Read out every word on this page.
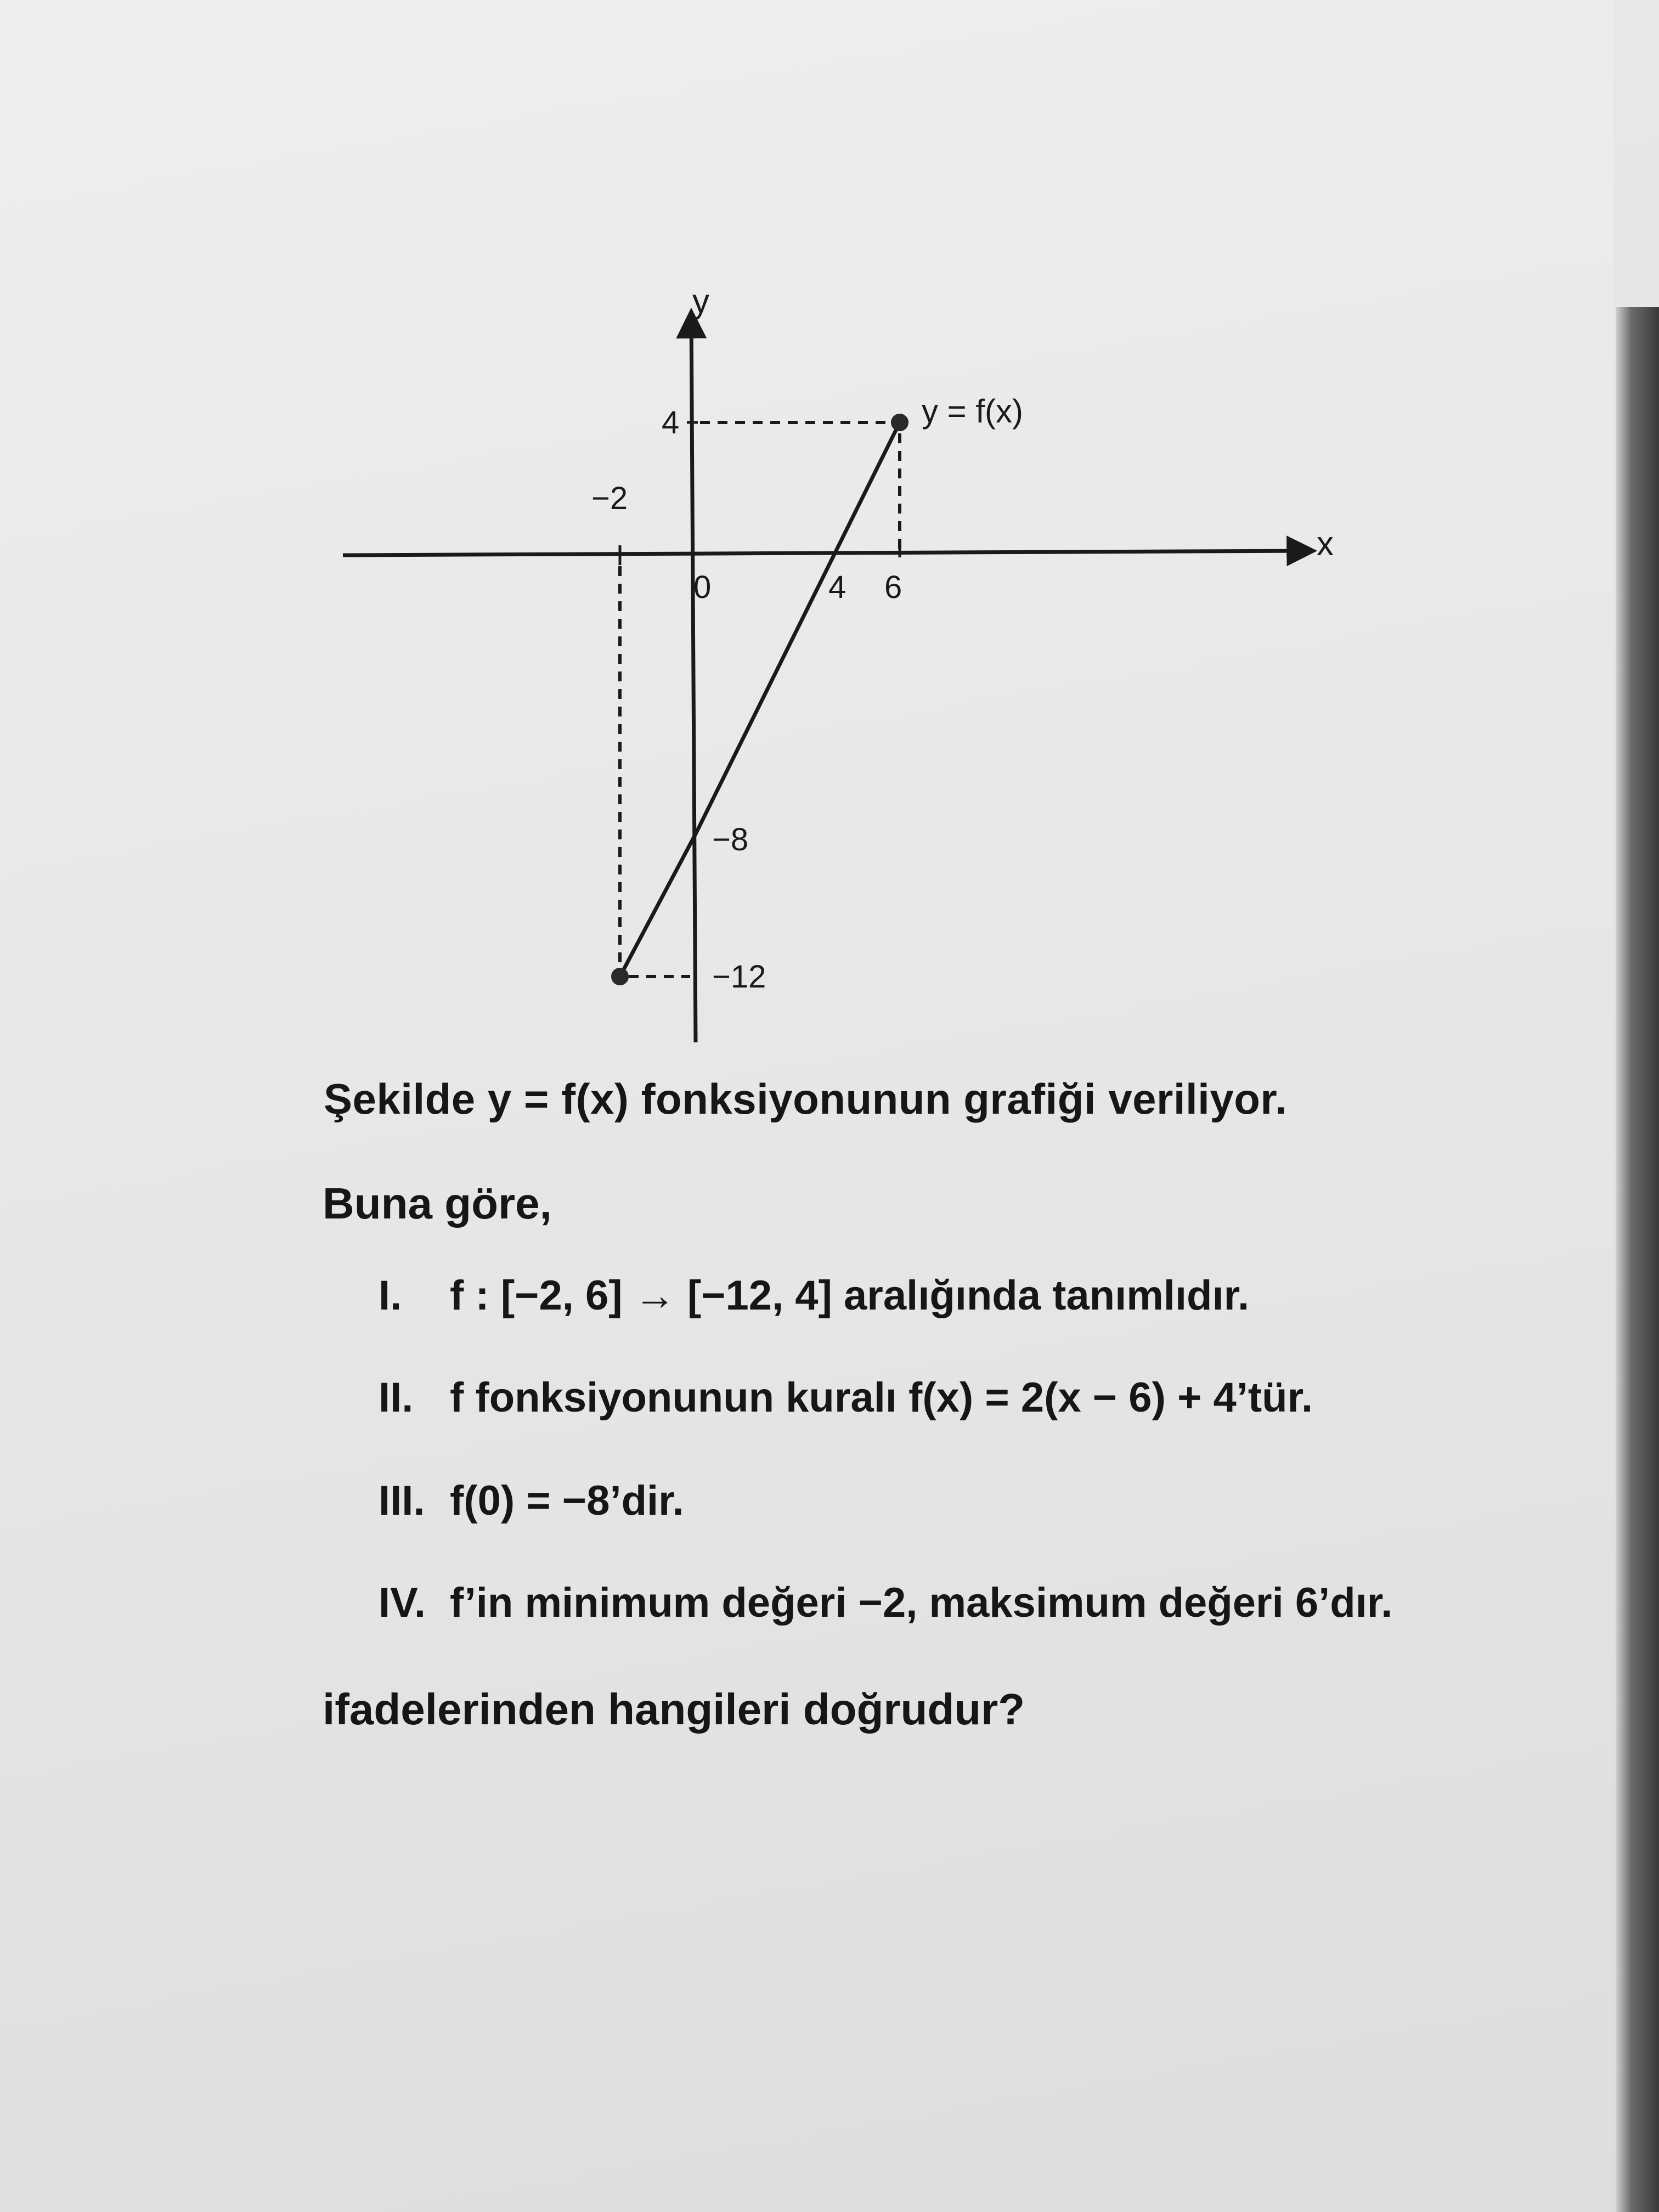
y
x
y = f(x)
−2
0	4 6
4
−8
−12
Şekilde y = f(x) fonksiyonunun grafiği veriliyor.
Buna göre,
I. f : [−2, 6] → [−12, 4] aralığında tanımlıdır.
II. f fonksiyonunun kuralı f(x) = 2(x − 6) + 4’tür.
III. f(0) = −8’dir.
IV. f’in minimum değeri −2, maksimum değeri 6’dır.
ifadelerinden hangileri doğrudur?
